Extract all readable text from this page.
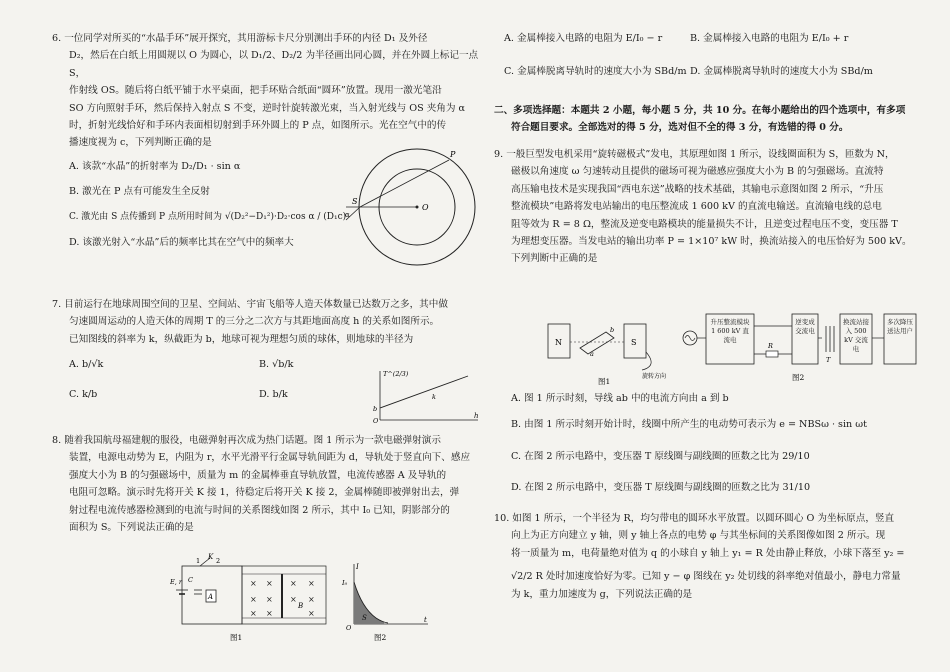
6. 一位同学对所买的“水晶手环”展开探究，其用游标卡尺分别测出手环的内径 D₁ 及外径

D₂，然后在白纸上用圆规以 O 为圆心，以 D₁/2、D₂/2 为半径画出同心圆，并在外圆上标记一点 S，

作射线 OS。随后将白纸平铺于水平桌面，把手环贴合纸面“圆环”放置。现用一激光笔沿

SO 方向照射手环，然后保持入射点 S 不变，逆时针旋转激光束，当入射光线与 OS 夹角为 α

时，折射光线恰好和手环内表面相切射到手环外圆上的 P 点，如图所示。光在空气中的传

播速度视为 c，下列判断正确的是

A. 该款“水晶”的折射率为 D₂/D₁ · sin α

B. 激光在 P 点有可能发生全反射

C. 激光由 S 点传播到 P 点所用时间为 √(D₂²−D₁²)·D₂·cos α / (D₁c)

D. 该激光射入“水晶”后的频率比其在空气中的频率大

P
S
O
α

7. 目前运行在地球周围空间的卫星、空间站、宇宙飞船等人造天体数量已达数万之多，其中做

匀速圆周运动的人造天体的周期 T 的三分之二次方与其距地面高度 h 的关系如图所示。

已知图线的斜率为 k，纵截距为 b，地球可视为理想匀质的球体，则地球的半径为

A. b/√k	B. √b/k
C. k/b	D. b/k
T^(2/3)
h
O
b
k

8. 随着我国航母福建舰的服役，电磁弹射再次成为热门话题。图 1 所示为一款电磁弹射演示

装置，电源电动势为 E，内阻为 r，水平光滑平行金属导轨间距为 d，导轨处于竖直向下、感应

强度大小为 B 的匀强磁场中，质量为 m 的金属棒垂直导轨放置，电流传感器 A 及导轨的

电阻可忽略。演示时先将开关 K 接 1，待稳定后将开关 K 接 2，金属棒随即被弹射出去，弹

射过程电流传感器检测到的电流与时间的关系图线如图 2 所示，其中 I₀ 已知，阴影部分的

面积为 S。下列说法正确的是

× × × ×
× × × ×
× ×	×
A
K
1 2
E, r C
B
图1
I
I₀
S
O
t
图2
A. 金属棒接入电路的电阻为 E/I₀ − r	B. 金属棒接入电路的电阻为 E/I₀ + r
C. 金属棒脱离导轨时的速度大小为 SBd/m D. 金属棒脱离导轨时的速度大小为 SBd/m

二、多项选择题：本题共 2 小题，每小题 5 分，共 10 分。在每小题给出的四个选项中，有多项

符合题目要求。全部选对的得 5 分，选对但不全的得 3 分，有选错的得 0 分。

9. 一般巨型发电机采用“旋转磁极式”发电，其原理如图 1 所示，设线圈面积为 S，匝数为 N，

磁极以角速度 ω 匀速转动且提供的磁场可视为磁感应强度大小为 B 的匀强磁场。直流特

高压输电技术是实现我国“西电东送”战略的技术基础，其输电示意图如图 2 所示，“升压

整流模块”电路将发电站输出的电压整流成 1 600 kV 的直流电输送。直流输电线的总电

阻等效为 R = 8 Ω，整流及逆变电路模块的能量损失不计，且逆变过程电压不变，变压器 T

为理想变压器。当发电站的输出功率 P = 1×10⁷ kW 时，换流站接入的电压恰好为 500 kV。

下列判断中正确的是

N	S
a
b
旋转方向
图1
升压整流模块 1 600 kV 直流电
逆变成交流电
换流站接入 500 kV 交流电
多次降压送达用户
R
T
图2

A. 图 1 所示时刻，导线 ab 中的电流方向由 a 到 b

B. 由图 1 所示时刻开始计时，线圈中所产生的电动势可表示为 e = NBSω · sin ωt

C. 在图 2 所示电路中，变压器 T 原线圈与副线圈的匝数之比为 29/10

D. 在图 2 所示电路中，变压器 T 原线圈与副线圈的匝数之比为 31/10

10. 如图 1 所示，一个半径为 R，均匀带电的圆环水平放置。以圆环圆心 O 为坐标原点，竖直

向上为正方向建立 y 轴，则 y 轴上各点的电势 φ 与其坐标间的关系图像如图 2 所示。现

将一质量为 m，电荷量绝对值为 q 的小球自 y 轴上 y₁ = R 处由静止释放，小球下落至 y₂ =

√2/2 R 处时加速度恰好为零。已知 y − φ 图线在 y₂ 处切线的斜率绝对值最小，静电力常量

为 k，重力加速度为 g，下列说法正确的是
